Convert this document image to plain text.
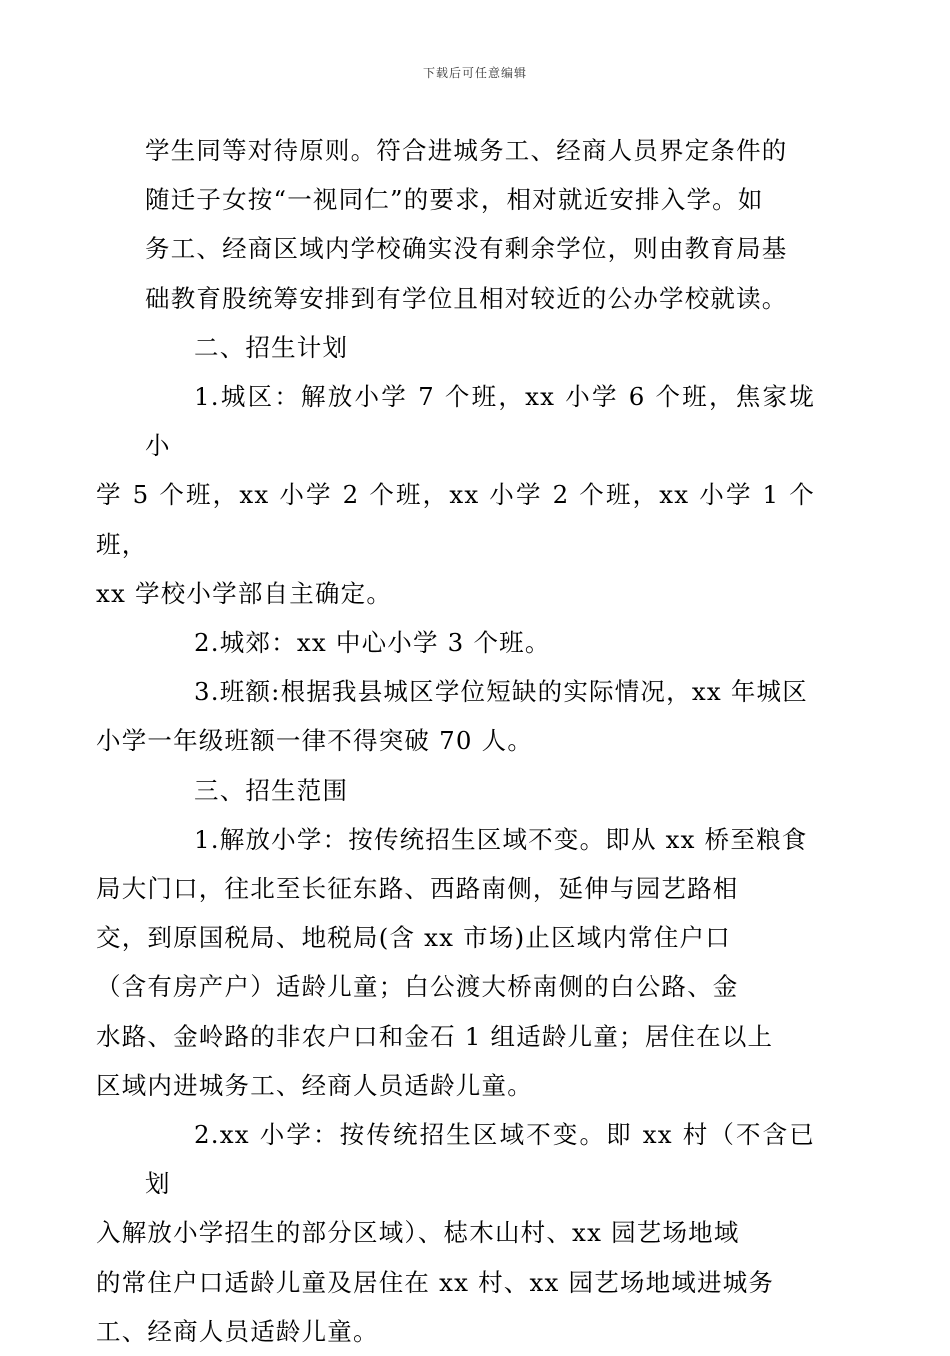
下载后可任意编辑

学生同等对待原则。符合进城务工、经商人员界定条件的
随迁子女按“一视同仁”的要求，相对就近安排入学。如
务工、经商区域内学校确实没有剩余学位，则由教育局基
础教育股统筹安排到有学位且相对较近的公办学校就读。

二、招生计划

1.城区：解放小学 7 个班，xx 小学 6 个班，焦家垅小
学 5 个班，xx 小学 2 个班，xx 小学 2 个班，xx 小学 1 个班，
xx 学校小学部自主确定。

2.城郊：xx 中心小学 3 个班。

3.班额:根据我县城区学位短缺的实际情况，xx 年城区
小学一年级班额一律不得突破 70 人。

三、招生范围

1.解放小学：按传统招生区域不变。即从 xx 桥至粮食
局大门口，往北至长征东路、西路南侧，延伸与园艺路相
交，到原国税局、地税局(含 xx 市场)止区域内常住户口
（含有房产户）适龄儿童；白公渡大桥南侧的白公路、金
水路、金岭路的非农户口和金石 1 组适龄儿童；居住在以上
区域内进城务工、经商人员适龄儿童。

2.xx 小学：按传统招生区域不变。即 xx 村（不含已划
入解放小学招生的部分区域）、梽木山村、xx 园艺场地域
的常住户口适龄儿童及居住在 xx 村、xx 园艺场地域进城务
工、经商人员适龄儿童。
